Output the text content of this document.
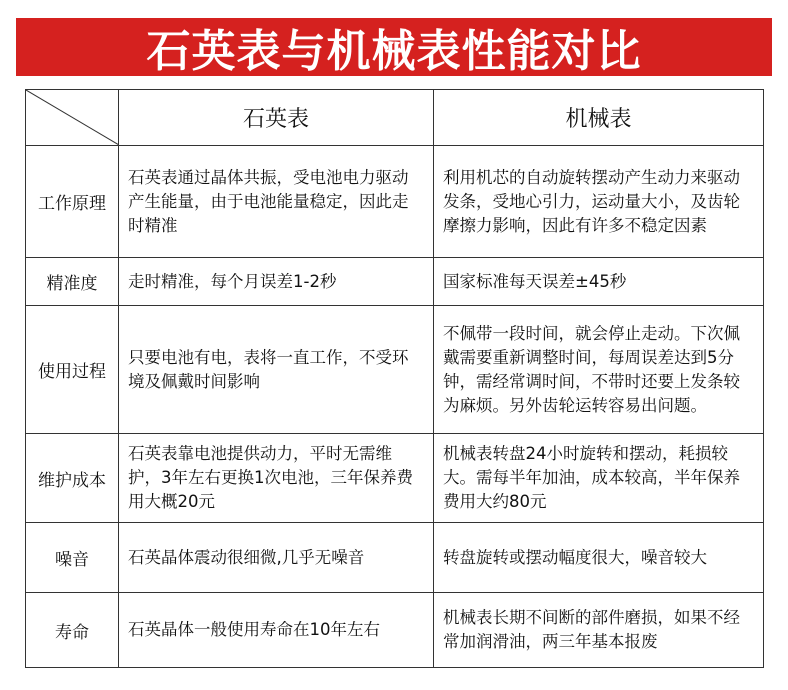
石英表与机械表性能对比
	石英表	机械表
工作原理	石英表通过晶体共振，受电池电力驱动产生能量，由于电池能量稳定，因此走时精准	利用机芯的自动旋转摆动产生动力来驱动发条，受地心引力，运动量大小，及齿轮摩擦力影响，因此有许多不稳定因素
精准度	走时精准，每个月误差1-2秒	国家标准每天误差±45秒
使用过程	只要电池有电，表将一直工作，不受环境及佩戴时间影响	不佩带一段时间，就会停止走动。下次佩戴需要重新调整时间，每周误差达到5分钟，需经常调时间，不带时还要上发条较为麻烦。另外齿轮运转容易出问题。
维护成本	石英表靠电池提供动力，平时无需维护，3年左右更换1次电池，三年保养费用大概20元	机械表转盘24小时旋转和摆动，耗损较大。需每半年加油，成本较高，半年保养费用大约80元
噪音	石英晶体震动很细微,几乎无噪音	转盘旋转或摆动幅度很大，噪音较大
寿命	石英晶体一般使用寿命在10年左右	机械表长期不间断的部件磨损，如果不经常加润滑油，两三年基本报废
